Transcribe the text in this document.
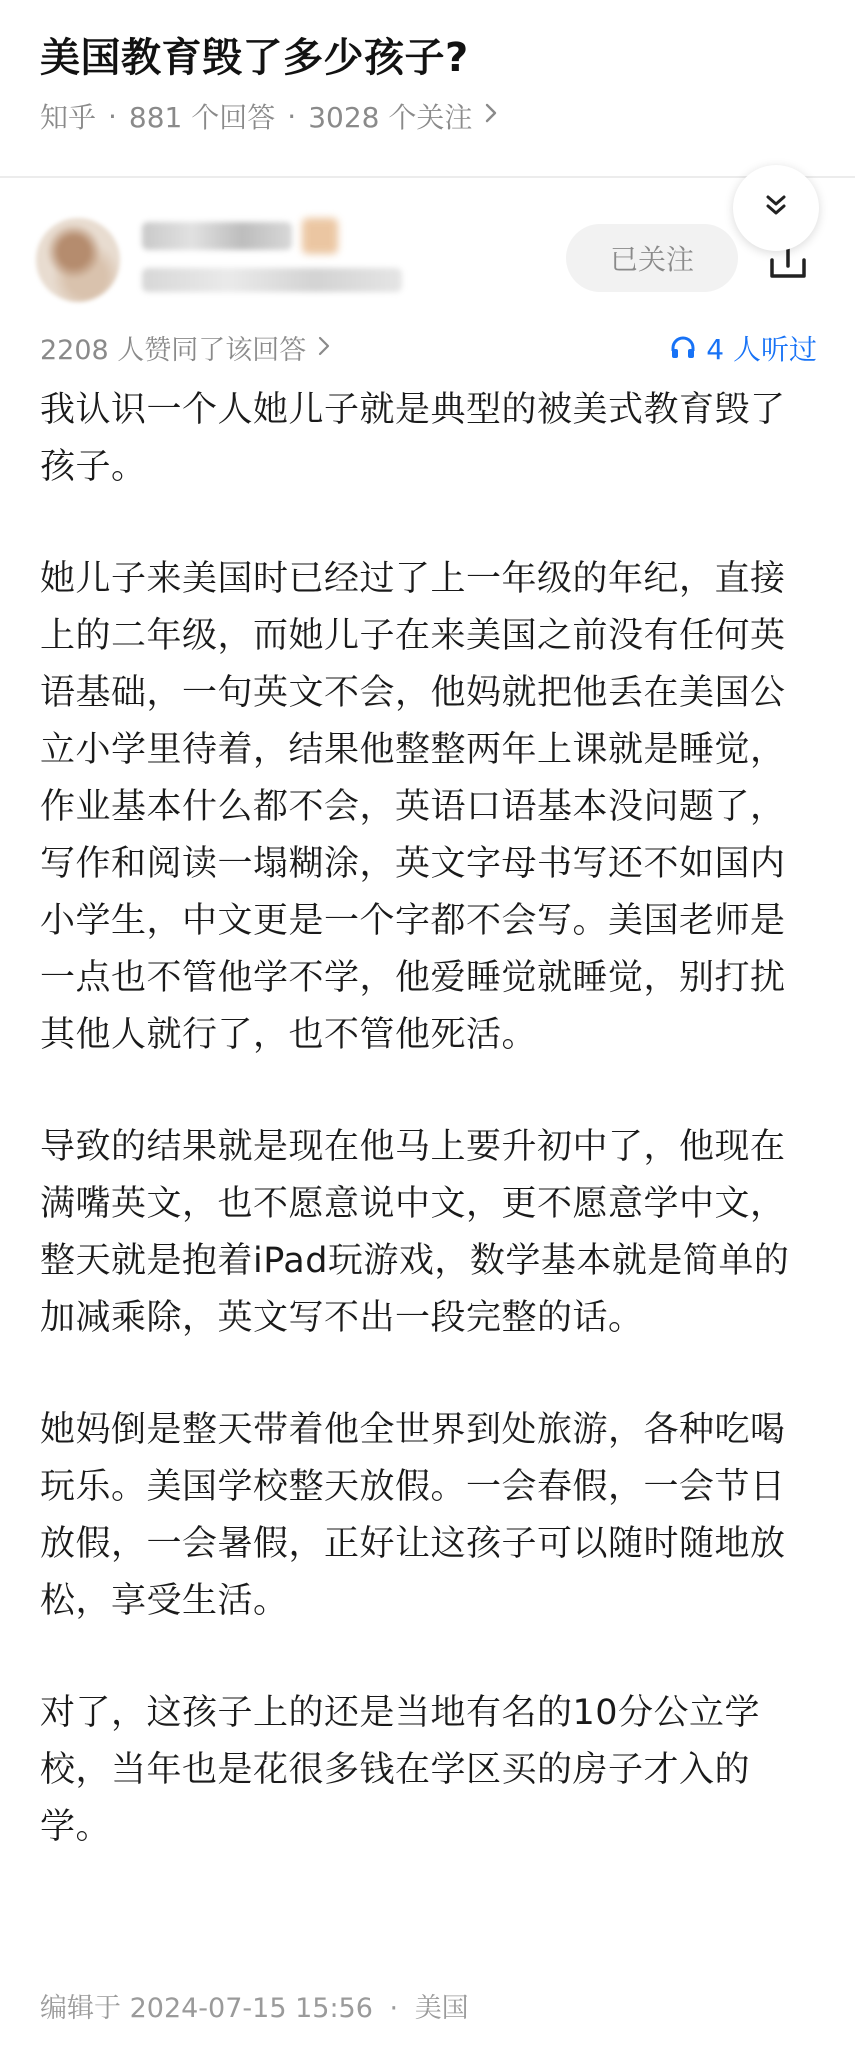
美国教育毁了多少孩子?
知乎 · 881 个回答 · 3028 个关注
已关注
2208 人赞同了该回答	4 人听过

我认识一个人她儿子就是典型的被美式教育毁了孩子。

她儿子来美国时已经过了上一年级的年纪，直接上的二年级，而她儿子在来美国之前没有任何英语基础，一句英文不会，他妈就把他丢在美国公立小学里待着，结果他整整两年上课就是睡觉，作业基本什么都不会，英语口语基本没问题了，写作和阅读一塌糊涂，英文字母书写还不如国内小学生，中文更是一个字都不会写。美国老师是一点也不管他学不学，他爱睡觉就睡觉，别打扰其他人就行了，也不管他死活。

导致的结果就是现在他马上要升初中了，他现在满嘴英文，也不愿意说中文，更不愿意学中文，整天就是抱着iPad玩游戏，数学基本就是简单的加减乘除，英文写不出一段完整的话。

她妈倒是整天带着他全世界到处旅游，各种吃喝玩乐。美国学校整天放假。一会春假，一会节日放假，一会暑假，正好让这孩子可以随时随地放松，享受生活。

对了，这孩子上的还是当地有名的10分公立学校，当年也是花很多钱在学区买的房子才入的学。

编辑于 2024-07-15 15:56 · 美国
